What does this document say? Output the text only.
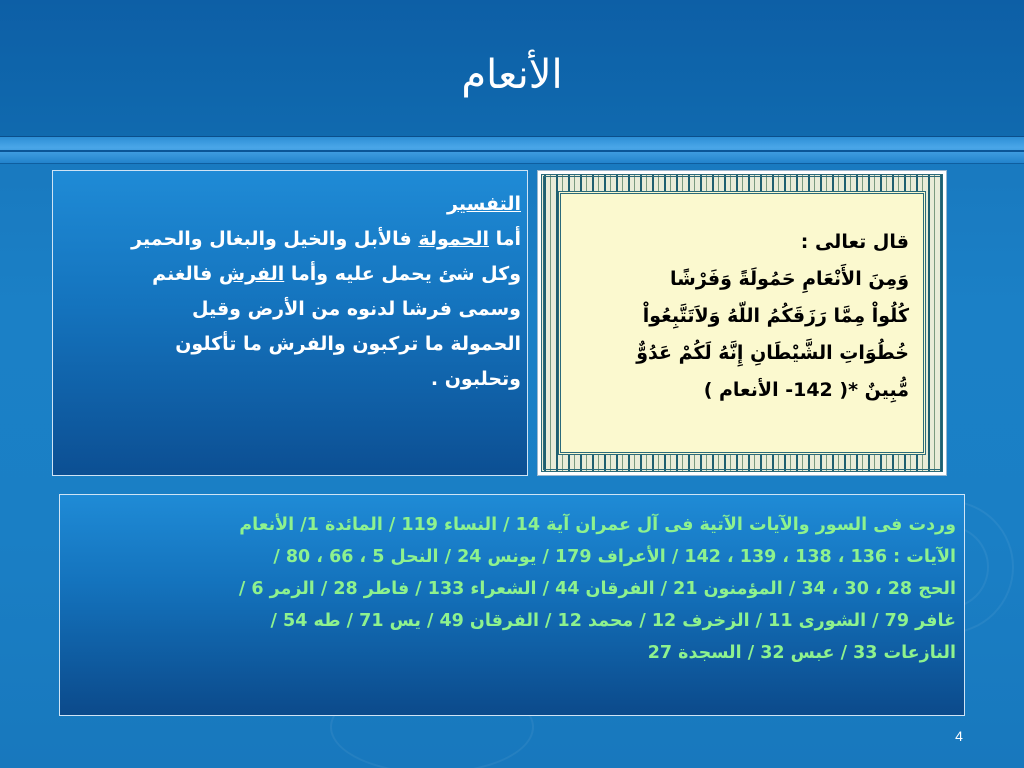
الأنعام
التفسير
أما الحمولة فالأبل والخيل والبغال والحمير
وكل شئ يحمل عليه وأما الفرش فالغنم
وسمى فرشا لدنوه من الأرض وقيل
الحمولة ما تركبون والفرش ما تأكلون
وتحلبون .
قال تعالى :
وَمِنَ الأَنْعَامِ حَمُولَةً وَفَرْشًا
كُلُواْ مِمَّا رَزَقَكُمُ اللّهُ وَلاَتَتَّبِعُواْ
خُطُوَاتِ الشَّيْطَانِ إِنَّهُ لَكُمْ عَدُوٌّ
مُّبِينٌ *( 142- الأنعام )
وردت فى السور والآيات الآتية فى آل عمران آية 14 / النساء 119 / المائدة 1/ الأنعام
الآيات : 136 ، 138 ، 139 ، 142 / الأعراف 179 / يونس 24 / النحل 5 ، 66 ، 80 /
الحج 28 ، 30 ، 34 / المؤمنون 21 / الفرقان 44 / الشعراء 133 / فاطر 28 / الزمر 6 /
غافر 79 / الشورى 11 / الزخرف 12 / محمد 12 / الفرقان 49 / يس 71 / طه 54 /
النازعات 33 / عبس 32 / السجدة 27
4
